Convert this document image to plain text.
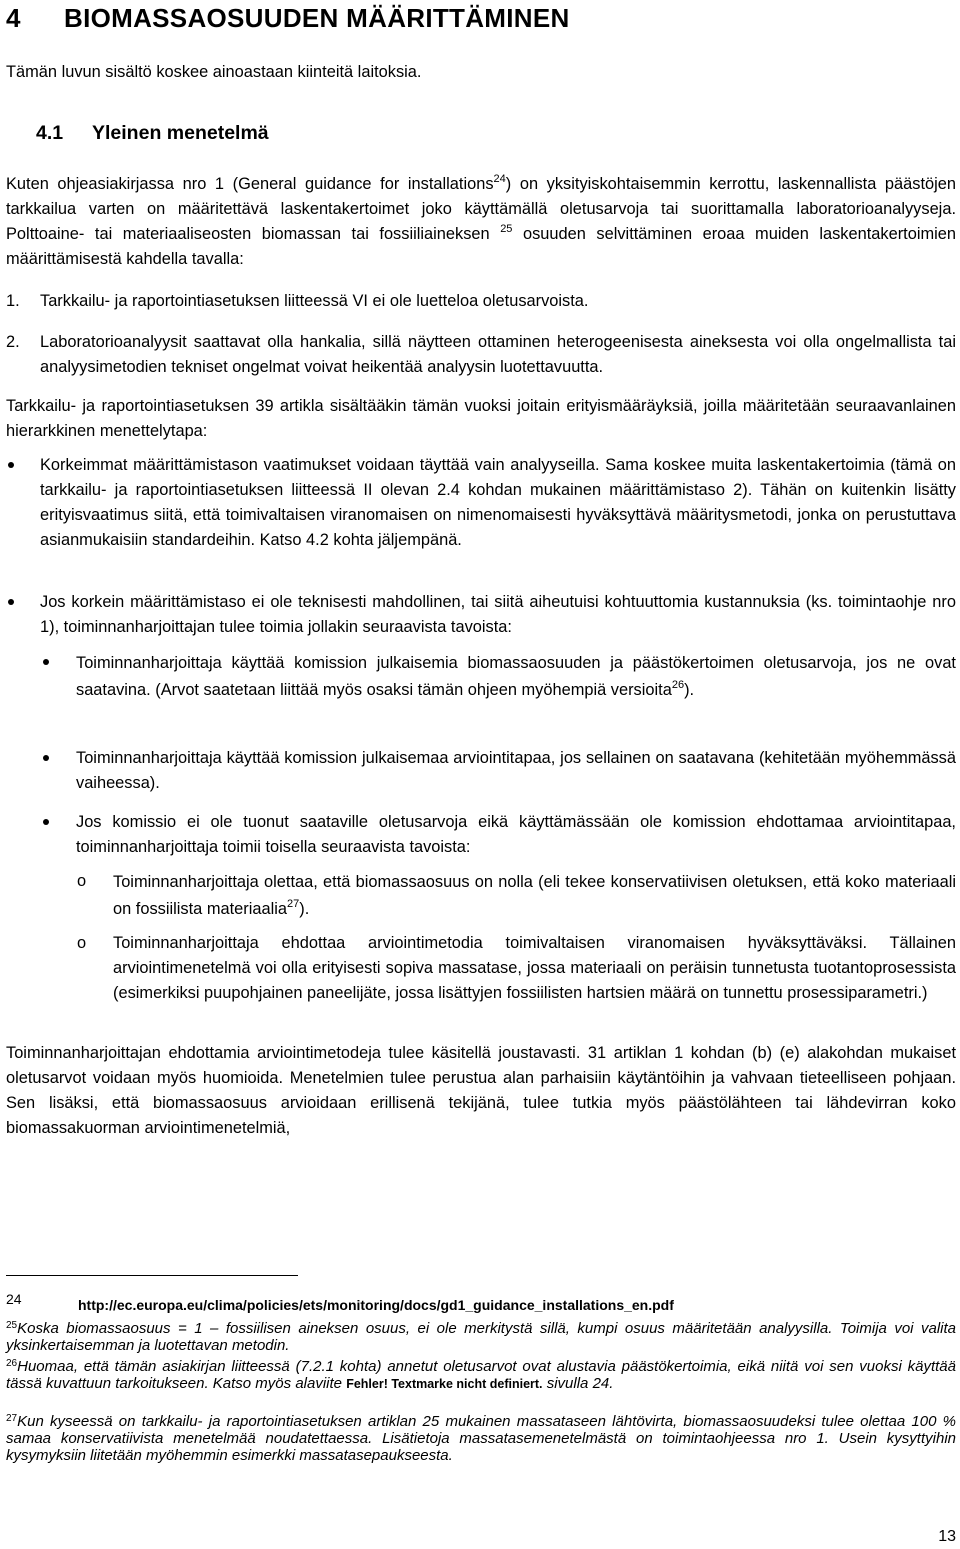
4 BIOMASSAOSUUDEN MÄÄRITTÄMINEN

Tämän luvun sisältö koskee ainoastaan kiinteitä laitoksia.

4.1 Yleinen menetelmä

Kuten ohjeasiakirjassa nro 1 (General guidance for installations$^{24}$) on yksityiskohtaisemmin kerrottu, laskennallista päästöjen tarkkailua varten on määritettävä laskentakertoimet joko käyttämällä oletusarvoja tai suorittamalla laboratorioanalyyseja. Polttoaine- tai materiaaliseosten biomassan tai fossiiliaineksen $^{25}$ osuuden selvittäminen eroaa muiden laskentakertoimien määrittämisestä kahdella tavalla:

1. Tarkkailu- ja raportointiasetuksen liitteessä VI ei ole luetteloa oletusarvoista.

2. Laboratorioanalyysit saattavat olla hankalia, sillä näytteen ottaminen heterogeenisesta aineksesta voi olla ongelmallista tai analyysimetodien tekniset ongelmat voivat heikentää analyysin luotettavuutta.

Tarkkailu- ja raportointiasetuksen 39 artikla sisältääkin tämän vuoksi joitain erityismääräyksiä, joilla määritetään seuraavanlainen hierarkkinen menettelytapa:

Korkeimmat määrittämistason vaatimukset voidaan täyttää vain analyyseilla. Sama koskee muita laskentakertoimia (tämä on tarkkailu- ja raportointiasetuksen liitteessä II olevan 2.4 kohdan mukainen määrittämistaso 2). Tähän on kuitenkin lisätty erityisvaatimus siitä, että toimivaltaisen viranomaisen on nimenomaisesti hyväksyttävä määritysmetodi, jonka on perustuttava asianmukaisiin standardeihin. Katso 4.2 kohta jäljempänä.

Jos korkein määrittämistaso ei ole teknisesti mahdollinen, tai siitä aiheutuisi kohtuuttomia kustannuksia (ks. toimintaohje nro 1), toiminnanharjoittajan tulee toimia jollakin seuraavista tavoista:

Toiminnanharjoittaja käyttää komission julkaisemia biomassaosuuden ja päästökertoimen oletusarvoja, jos ne ovat saatavina. (Arvot saatetaan liittää myös osaksi tämän ohjeen myöhempiä versioita$^{26}$).

Toiminnanharjoittaja käyttää komission julkaisemaa arviointitapaa, jos sellainen on saatavana (kehitetään myöhemmässä vaiheessa).

Jos komissio ei ole tuonut saataville oletusarvoja eikä käyttämässään ole komission ehdottamaa arviointitapaa, toiminnanharjoittaja toimii toisella seuraavista tavoista:

o Toiminnanharjoittaja olettaa, että biomassaosuus on nolla (eli tekee konservatiivisen oletuksen, että koko materiaali on fossiilista materiaalia$^{27}$).

o Toiminnanharjoittaja ehdottaa arviointimetodia toimivaltaisen viranomaisen hyväksyttäväksi. Tällainen arviointimenetelmä voi olla erityisesti sopiva massatase, jossa materiaali on peräisin tunnetusta tuotantoprosessista (esimerkiksi puupohjainen paneelijäte, jossa lisättyjen fossiilisten hartsien määrä on tunnettu prosessiparametri.)

Toiminnanharjoittajan ehdottamia arviointimetodeja tulee käsitellä joustavasti. 31 artiklan 1 kohdan (b) (e) alakohdan mukaiset oletusarvot voidaan myös huomioida. Menetelmien tulee perustua alan parhaisiin käytäntöihin ja vahvaan tieteelliseen pohjaan. Sen lisäksi, että biomassaosuus arvioidaan erillisenä tekijänä, tulee tutkia myös päästölähteen tai lähdevirran koko biomassakuorman arviointimenetelmiä,

24	http://ec.europa.eu/clima/policies/ets/monitoring/docs/gd1_guidance_installations_en.pdf

$^{25}$Koska biomassaosuus = 1 – fossiilisen aineksen osuus, ei ole merkitystä sillä, kumpi osuus määritetään analyysilla. Toimija voi valita yksinkertaisemman ja luotettavan metodin.

$^{26}$Huomaa, että tämän asiakirjan liitteessä (7.2.1 kohta) annetut oletusarvot ovat alustavia päästökertoimia, eikä niitä voi sen vuoksi käyttää tässä kuvattuun tarkoitukseen. Katso myös alaviite Fehler! Textmarke nicht definiert. sivulla 24.

$^{27}$Kun kyseessä on tarkkailu- ja raportointiasetuksen artiklan 25 mukainen massataseen lähtövirta, biomassaosuudeksi tulee olettaa 100 % samaa konservatiivista menetelmää noudatettaessa. Lisätietoja massatasemenetelmästä on toimintaohjeessa nro 1. Usein kysyttyihin kysymyksiin liitetään myöhemmin esimerkki massatasepaukseesta.

13
